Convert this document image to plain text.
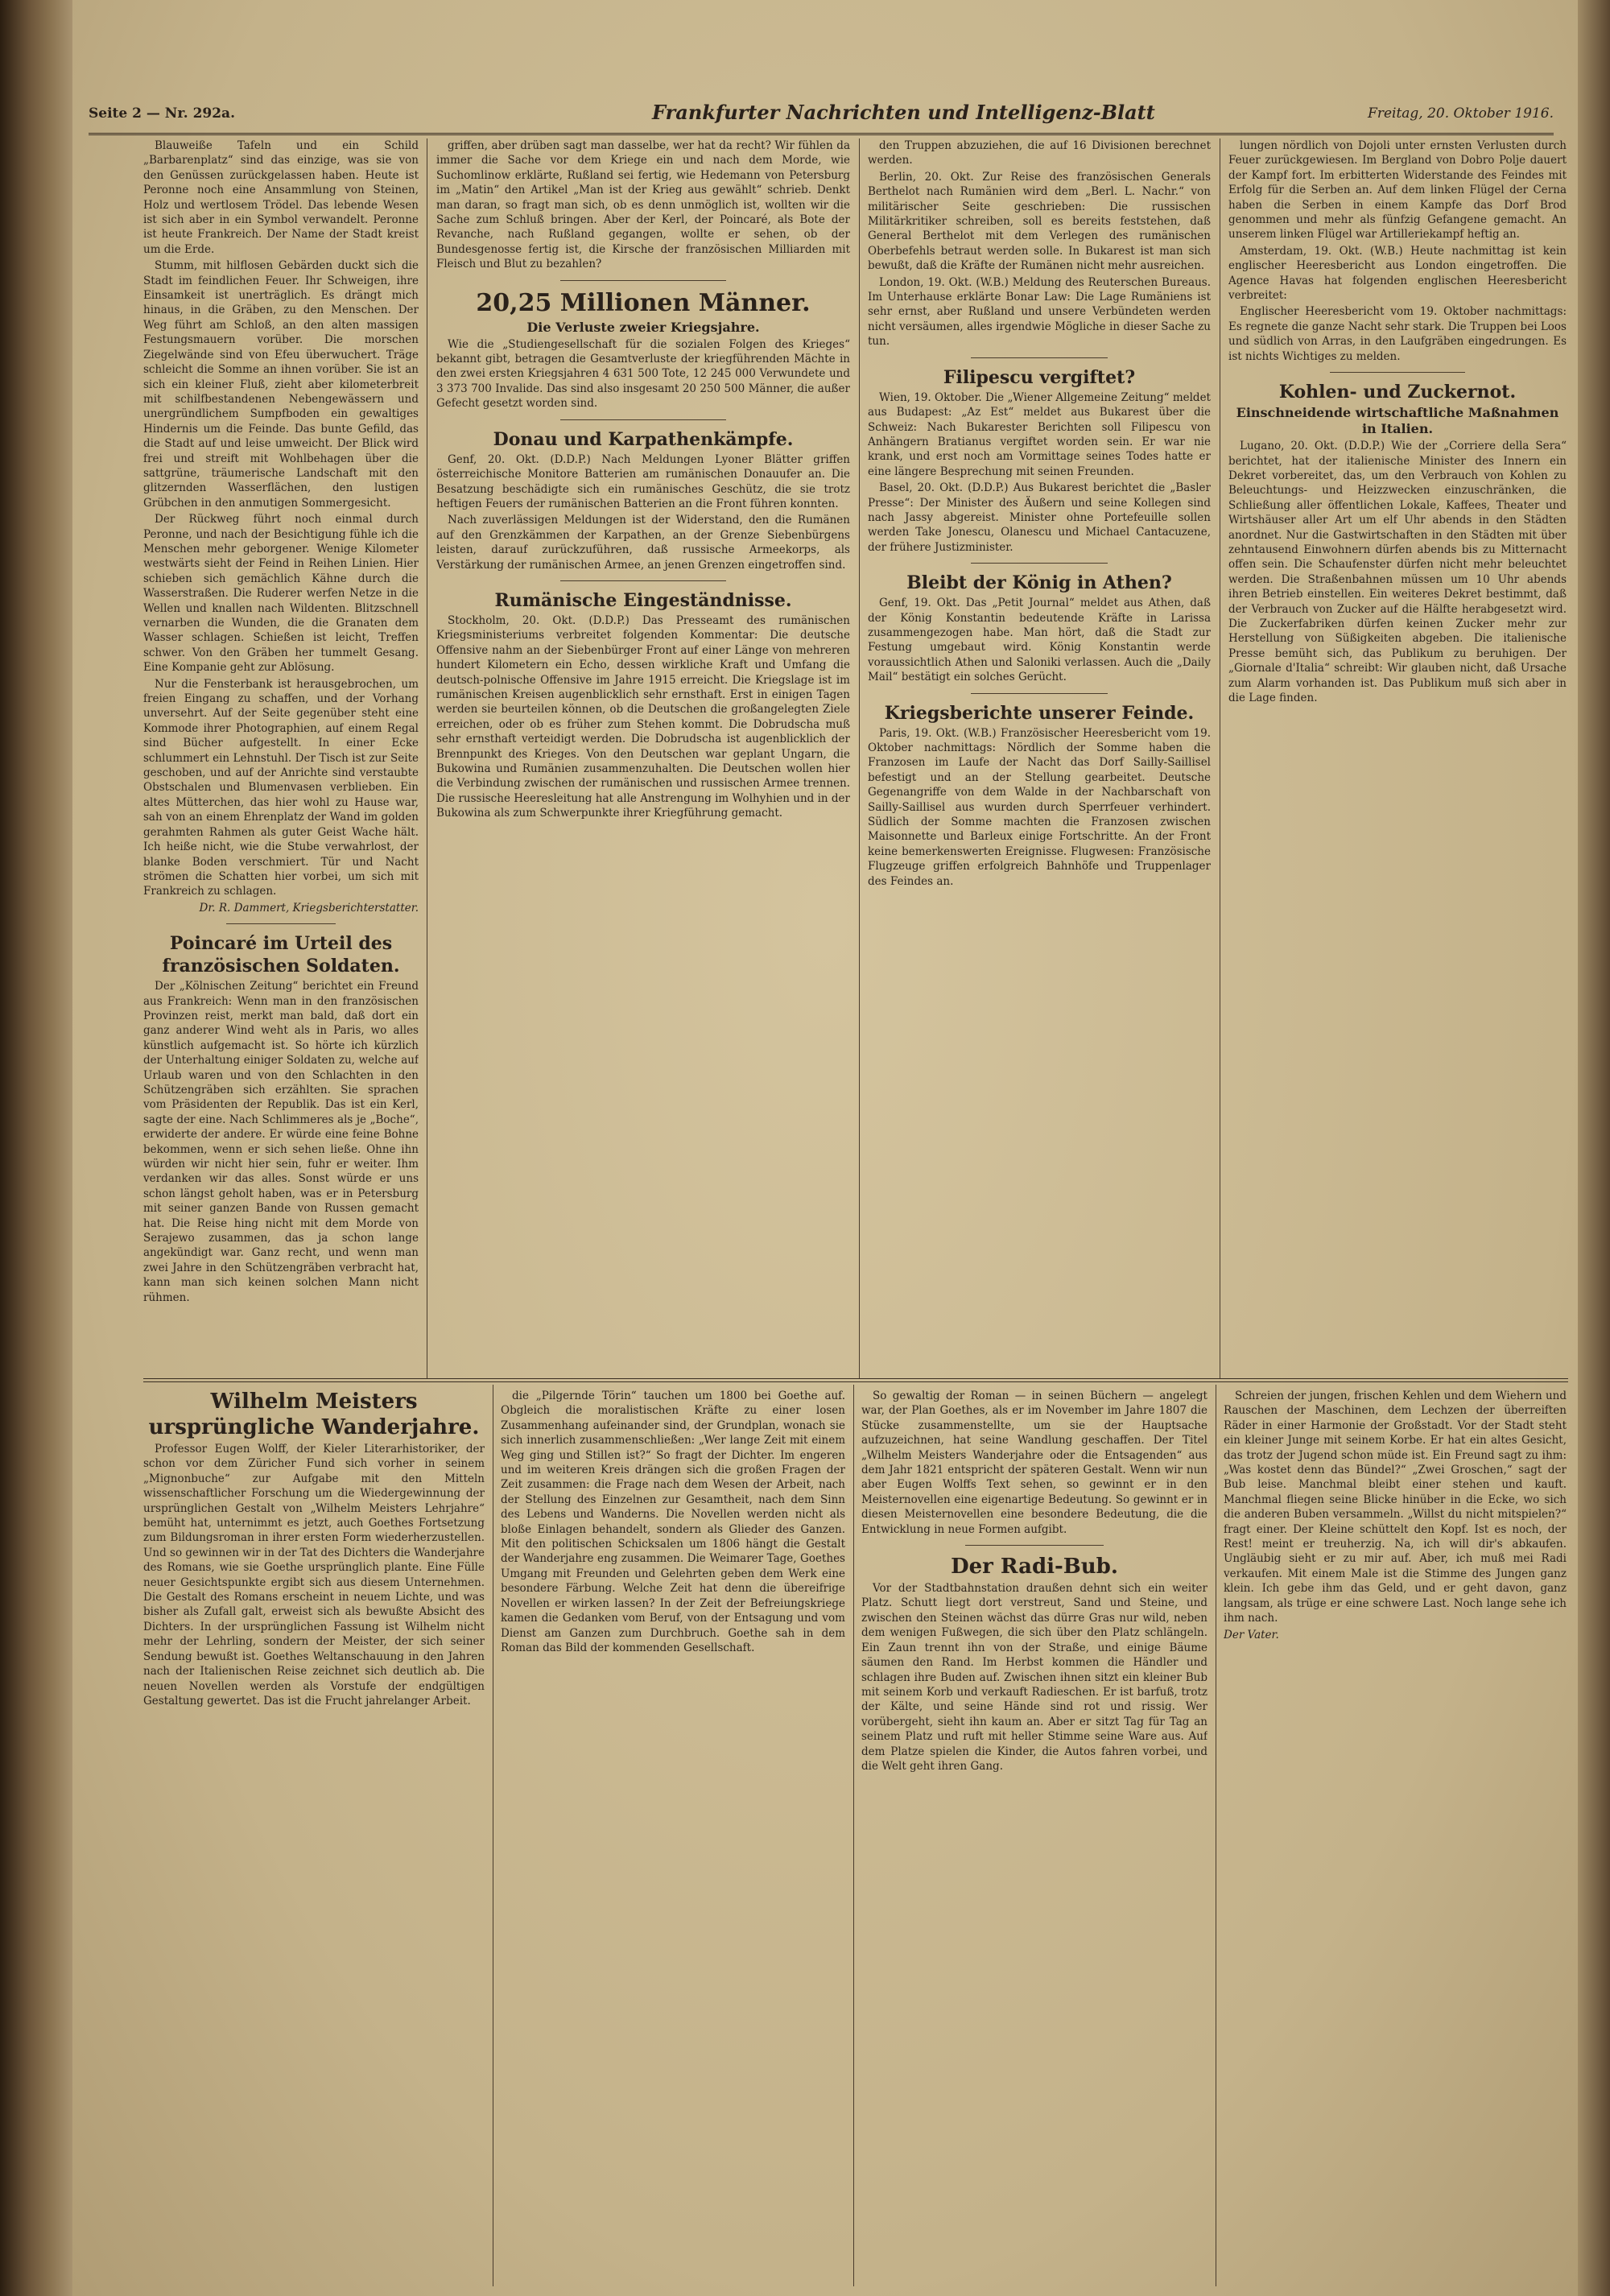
Seite 2 — Nr. 292a.	Frankfurter Nachrichten und Intelligenz-Blatt	Freitag, 20. Oktober 1916.

Blauweiße Tafeln und ein Schild „Barbarenplatz“ sind das einzige, was sie von den Genüssen zurückgelassen haben. Heute ist Peronne noch eine Ansammlung von Steinen, Holz und wertlosem Trödel. Das lebende Wesen ist sich aber in ein Symbol verwandelt. Peronne ist heute Frankreich. Der Name der Stadt kreist um die Erde.

Stumm, mit hilflosen Gebärden duckt sich die Stadt im feindlichen Feuer. Ihr Schweigen, ihre Einsamkeit ist unerträglich. Es drängt mich hinaus, in die Gräben, zu den Menschen. Der Weg führt am Schloß, an den alten massigen Festungsmauern vorüber. Die morschen Ziegelwände sind von Efeu überwuchert. Träge schleicht die Somme an ihnen vorüber. Sie ist an sich ein kleiner Fluß, zieht aber kilometerbreit mit schilfbestandenen Nebengewässern und unergründlichem Sumpfboden ein gewaltiges Hindernis um die Feinde. Das bunte Gefild, das die Stadt auf und leise umweicht. Der Blick wird frei und streift mit Wohlbehagen über die sattgrüne, träumerische Landschaft mit den glitzernden Wasserflächen, den lustigen Grübchen in den anmutigen Sommergesicht.

Der Rückweg führt noch einmal durch Peronne, und nach der Besichtigung fühle ich die Menschen mehr geborgener. Wenige Kilometer westwärts sieht der Feind in Reihen Linien. Hier schieben sich gemächlich Kähne durch die Wasserstraßen. Die Ruderer werfen Netze in die Wellen und knallen nach Wildenten. Blitzschnell vernarben die Wunden, die die Granaten dem Wasser schlagen. Schießen ist leicht, Treffen schwer. Von den Gräben her tummelt Gesang. Eine Kompanie geht zur Ablösung.

Nur die Fensterbank ist herausgebrochen, um freien Eingang zu schaffen, und der Vorhang unversehrt. Auf der Seite gegenüber steht eine Kommode ihrer Photographien, auf einem Regal sind Bücher aufgestellt. In einer Ecke schlummert ein Lehnstuhl. Der Tisch ist zur Seite geschoben, und auf der Anrichte sind verstaubte Obstschalen und Blumenvasen verblieben. Ein altes Mütterchen, das hier wohl zu Hause war, sah von an einem Ehrenplatz der Wand im golden gerahmten Rahmen als guter Geist Wache hält. Ich heiße nicht, wie die Stube verwahrlost, der blanke Boden verschmiert. Tür und Nacht strömen die Schatten hier vorbei, um sich mit Frankreich zu schlagen.

Dr. R. Dammert, Kriegsberichterstatter.

Poincaré im Urteil des französischen Soldaten.

Der „Kölnischen Zeitung“ berichtet ein Freund aus Frankreich: Wenn man in den französischen Provinzen reist, merkt man bald, daß dort ein ganz anderer Wind weht als in Paris, wo alles künstlich aufgemacht ist. So hörte ich kürzlich der Unterhaltung einiger Soldaten zu, welche auf Urlaub waren und von den Schlachten in den Schützengräben sich erzählten. Sie sprachen vom Präsidenten der Republik. Das ist ein Kerl, sagte der eine. Nach Schlimmeres als je „Boche“, erwiderte der andere. Er würde eine feine Bohne bekommen, wenn er sich sehen ließe. Ohne ihn würden wir nicht hier sein, fuhr er weiter. Ihm verdanken wir das alles. Sonst würde er uns schon längst geholt haben, was er in Petersburg mit seiner ganzen Bande von Russen gemacht hat. Die Reise hing nicht mit dem Morde von Serajewo zusammen, das ja schon lange angekündigt war. Ganz recht, und wenn man zwei Jahre in den Schützengräben verbracht hat, kann man sich keinen solchen Mann nicht rühmen.

griffen, aber drüben sagt man dasselbe, wer hat da recht? Wir fühlen da immer die Sache vor dem Kriege ein und nach dem Morde, wie Suchomlinow erklärte, Rußland sei fertig, wie Hedemann von Petersburg im „Matin“ den Artikel „Man ist der Krieg aus gewählt“ schrieb. Denkt man daran, so fragt man sich, ob es denn unmöglich ist, wollten wir die Sache zum Schluß bringen. Aber der Kerl, der Poincaré, als Bote der Revanche, nach Rußland gegangen, wollte er sehen, ob der Bundesgenosse fertig ist, die Kirsche der französischen Milliarden mit Fleisch und Blut zu bezahlen?

20,25 Millionen Männer.

Die Verluste zweier Kriegsjahre.

Wie die „Studiengesellschaft für die sozialen Folgen des Krieges“ bekannt gibt, betragen die Gesamtverluste der kriegführenden Mächte in den zwei ersten Kriegsjahren 4 631 500 Tote, 12 245 000 Verwundete und 3 373 700 Invalide. Das sind also insgesamt 20 250 500 Männer, die außer Gefecht gesetzt worden sind.

Donau und Karpathenkämpfe.

Genf, 20. Okt. (D.D.P.) Nach Meldungen Lyoner Blätter griffen österreichische Monitore Batterien am rumänischen Donauufer an. Die Besatzung beschädigte sich ein rumänisches Geschütz, die sie trotz heftigen Feuers der rumänischen Batterien an die Front führen konnten.

Nach zuverlässigen Meldungen ist der Widerstand, den die Rumänen auf den Grenzkämmen der Karpathen, an der Grenze Siebenbürgens leisten, darauf zurückzuführen, daß russische Armeekorps, als Verstärkung der rumänischen Armee, an jenen Grenzen eingetroffen sind.

Rumänische Eingeständnisse.

Stockholm, 20. Okt. (D.D.P.) Das Presseamt des rumänischen Kriegsministeriums verbreitet folgenden Kommentar: Die deutsche Offensive nahm an der Siebenbürger Front auf einer Länge von mehreren hundert Kilometern ein Echo, dessen wirkliche Kraft und Umfang die deutsch-polnische Offensive im Jahre 1915 erreicht. Die Kriegslage ist im rumänischen Kreisen augenblicklich sehr ernsthaft. Erst in einigen Tagen werden sie beurteilen können, ob die Deutschen die großangelegten Ziele erreichen, oder ob es früher zum Stehen kommt. Die Dobrudscha muß sehr ernsthaft verteidigt werden. Die Dobrudscha ist augenblicklich der Brennpunkt des Krieges. Von den Deutschen war geplant Ungarn, die Bukowina und Rumänien zusammenzuhalten. Die Deutschen wollen hier die Verbindung zwischen der rumänischen und russischen Armee trennen. Die russische Heeresleitung hat alle Anstrengung im Wolhyhien und in der Bukowina als zum Schwerpunkte ihrer Kriegführung gemacht.

den Truppen abzuziehen, die auf 16 Divisionen berechnet werden.

Berlin, 20. Okt. Zur Reise des französischen Generals Berthelot nach Rumänien wird dem „Berl. L. Nachr.“ von militärischer Seite geschrieben: Die russischen Militärkritiker schreiben, soll es bereits feststehen, daß General Berthelot mit dem Verlegen des rumänischen Oberbefehls betraut werden solle. In Bukarest ist man sich bewußt, daß die Kräfte der Rumänen nicht mehr ausreichen.

London, 19. Okt. (W.B.) Meldung des Reuterschen Bureaus. Im Unterhause erklärte Bonar Law: Die Lage Rumäniens ist sehr ernst, aber Rußland und unsere Verbündeten werden nicht versäumen, alles irgendwie Mögliche in dieser Sache zu tun.

Filipescu vergiftet?

Wien, 19. Oktober. Die „Wiener Allgemeine Zeitung“ meldet aus Budapest: „Az Est“ meldet aus Bukarest über die Schweiz: Nach Bukarester Berichten soll Filipescu von Anhängern Bratianus vergiftet worden sein. Er war nie krank, und erst noch am Vormittage seines Todes hatte er eine längere Besprechung mit seinen Freunden.

Basel, 20. Okt. (D.D.P.) Aus Bukarest berichtet die „Basler Presse“: Der Minister des Äußern und seine Kollegen sind nach Jassy abgereist. Minister ohne Portefeuille sollen werden Take Jonescu, Olanescu und Michael Cantacuzene, der frühere Justizminister.

Bleibt der König in Athen?

Genf, 19. Okt. Das „Petit Journal“ meldet aus Athen, daß der König Konstantin bedeutende Kräfte in Larissa zusammengezogen habe. Man hört, daß die Stadt zur Festung umgebaut wird. König Konstantin werde voraussichtlich Athen und Saloniki verlassen. Auch die „Daily Mail“ bestätigt ein solches Gerücht.

Kriegsberichte unserer Feinde.

Paris, 19. Okt. (W.B.) Französischer Heeresbericht vom 19. Oktober nachmittags: Nördlich der Somme haben die Franzosen im Laufe der Nacht das Dorf Sailly-Saillisel befestigt und an der Stellung gearbeitet. Deutsche Gegenangriffe von dem Walde in der Nachbarschaft von Sailly-Saillisel aus wurden durch Sperrfeuer verhindert. Südlich der Somme machten die Franzosen zwischen Maisonnette und Barleux einige Fortschritte. An der Front keine bemerkenswerten Ereignisse. Flugwesen: Französische Flugzeuge griffen erfolgreich Bahnhöfe und Truppenlager des Feindes an.

lungen nördlich von Dojoli unter ernsten Verlusten durch Feuer zurückgewiesen. Im Bergland von Dobro Polje dauert der Kampf fort. Im erbitterten Widerstande des Feindes mit Erfolg für die Serben an. Auf dem linken Flügel der Cerna haben die Serben in einem Kampfe das Dorf Brod genommen und mehr als fünfzig Gefangene gemacht. An unserem linken Flügel war Artilleriekampf heftig an.

Amsterdam, 19. Okt. (W.B.) Heute nachmittag ist kein englischer Heeresbericht aus London eingetroffen. Die Agence Havas hat folgenden englischen Heeresbericht verbreitet:

Englischer Heeresbericht vom 19. Oktober nachmittags: Es regnete die ganze Nacht sehr stark. Die Truppen bei Loos und südlich von Arras, in den Laufgräben eingedrungen. Es ist nichts Wichtiges zu melden.

Kohlen- und Zuckernot.

Einschneidende wirtschaftliche Maßnahmen in Italien.

Lugano, 20. Okt. (D.D.P.) Wie der „Corriere della Sera“ berichtet, hat der italienische Minister des Innern ein Dekret vorbereitet, das, um den Verbrauch von Kohlen zu Beleuchtungs- und Heizzwecken einzuschränken, die Schließung aller öffentlichen Lokale, Kaffees, Theater und Wirtshäuser aller Art um elf Uhr abends in den Städten anordnet. Nur die Gastwirtschaften in den Städten mit über zehntausend Einwohnern dürfen abends bis zu Mitternacht offen sein. Die Schaufenster dürfen nicht mehr beleuchtet werden. Die Straßenbahnen müssen um 10 Uhr abends ihren Betrieb einstellen. Ein weiteres Dekret bestimmt, daß der Verbrauch von Zucker auf die Hälfte herabgesetzt wird. Die Zuckerfabriken dürfen keinen Zucker mehr zur Herstellung von Süßigkeiten abgeben. Die italienische Presse bemüht sich, das Publikum zu beruhigen. Der „Giornale d'Italia“ schreibt: Wir glauben nicht, daß Ursache zum Alarm vorhanden ist. Das Publikum muß sich aber in die Lage finden.

Wilhelm Meisters ursprüngliche Wanderjahre.

Professor Eugen Wolff, der Kieler Literarhistoriker, der schon vor dem Züricher Fund sich vorher in seinem „Mignonbuche“ zur Aufgabe mit den Mitteln wissenschaftlicher Forschung um die Wiedergewinnung der ursprünglichen Gestalt von „Wilhelm Meisters Lehrjahre“ bemüht hat, unternimmt es jetzt, auch Goethes Fortsetzung zum Bildungsroman in ihrer ersten Form wiederherzustellen. Und so gewinnen wir in der Tat des Dichters die Wanderjahre des Romans, wie sie Goethe ursprünglich plante. Eine Fülle neuer Gesichtspunkte ergibt sich aus diesem Unternehmen. Die Gestalt des Romans erscheint in neuem Lichte, und was bisher als Zufall galt, erweist sich als bewußte Absicht des Dichters. In der ursprünglichen Fassung ist Wilhelm nicht mehr der Lehrling, sondern der Meister, der sich seiner Sendung bewußt ist. Goethes Weltanschauung in den Jahren nach der Italienischen Reise zeichnet sich deutlich ab. Die neuen Novellen werden als Vorstufe der endgültigen Gestaltung gewertet. Das ist die Frucht jahrelanger Arbeit.

die „Pilgernde Törin“ tauchen um 1800 bei Goethe auf. Obgleich die moralistischen Kräfte zu einer losen Zusammenhang aufeinander sind, der Grundplan, wonach sie sich innerlich zusammenschließen: „Wer lange Zeit mit einem Weg ging und Stillen ist?“ So fragt der Dichter. Im engeren und im weiteren Kreis drängen sich die großen Fragen der Zeit zusammen: die Frage nach dem Wesen der Arbeit, nach der Stellung des Einzelnen zur Gesamtheit, nach dem Sinn des Lebens und Wanderns. Die Novellen werden nicht als bloße Einlagen behandelt, sondern als Glieder des Ganzen. Mit den politischen Schicksalen um 1806 hängt die Gestalt der Wanderjahre eng zusammen. Die Weimarer Tage, Goethes Umgang mit Freunden und Gelehrten geben dem Werk eine besondere Färbung. Welche Zeit hat denn die übereifrige Novellen er wirken lassen? In der Zeit der Befreiungskriege kamen die Gedanken vom Beruf, von der Entsagung und vom Dienst am Ganzen zum Durchbruch. Goethe sah in dem Roman das Bild der kommenden Gesellschaft.

So gewaltig der Roman — in seinen Büchern — angelegt war, der Plan Goethes, als er im November im Jahre 1807 die Stücke zusammenstellte, um sie der Hauptsache aufzuzeichnen, hat seine Wandlung geschaffen. Der Titel „Wilhelm Meisters Wanderjahre oder die Entsagenden“ aus dem Jahr 1821 entspricht der späteren Gestalt. Wenn wir nun aber Eugen Wolffs Text sehen, so gewinnt er in den Meisternovellen eine eigenartige Bedeutung. So gewinnt er in diesen Meisternovellen eine besondere Bedeutung, die die Entwicklung in neue Formen aufgibt.

Der Radi-Bub.

Vor der Stadtbahnstation draußen dehnt sich ein weiter Platz. Schutt liegt dort verstreut, Sand und Steine, und zwischen den Steinen wächst das dürre Gras nur wild, neben dem wenigen Fußwegen, die sich über den Platz schlängeln. Ein Zaun trennt ihn von der Straße, und einige Bäume säumen den Rand. Im Herbst kommen die Händler und schlagen ihre Buden auf. Zwischen ihnen sitzt ein kleiner Bub mit seinem Korb und verkauft Radieschen. Er ist barfuß, trotz der Kälte, und seine Hände sind rot und rissig. Wer vorübergeht, sieht ihn kaum an. Aber er sitzt Tag für Tag an seinem Platz und ruft mit heller Stimme seine Ware aus. Auf dem Platze spielen die Kinder, die Autos fahren vorbei, und die Welt geht ihren Gang.

Schreien der jungen, frischen Kehlen und dem Wiehern und Rauschen der Maschinen, dem Lechzen der überreiften Räder in einer Harmonie der Großstadt. Vor der Stadt steht ein kleiner Junge mit seinem Korbe. Er hat ein altes Gesicht, das trotz der Jugend schon müde ist. Ein Freund sagt zu ihm: „Was kostet denn das Bündel?“ „Zwei Groschen,“ sagt der Bub leise. Manchmal bleibt einer stehen und kauft. Manchmal fliegen seine Blicke hinüber in die Ecke, wo sich die anderen Buben versammeln. „Willst du nicht mitspielen?“ fragt einer. Der Kleine schüttelt den Kopf. Ist es noch, der Rest! meint er treuherzig. Na, ich will dir's abkaufen. Ungläubig sieht er zu mir auf. Aber, ich muß mei Radi verkaufen. Mit einem Male ist die Stimme des Jungen ganz klein. Ich gebe ihm das Geld, und er geht davon, ganz langsam, als trüge er eine schwere Last. Noch lange sehe ich ihm nach.

Der Vater.
